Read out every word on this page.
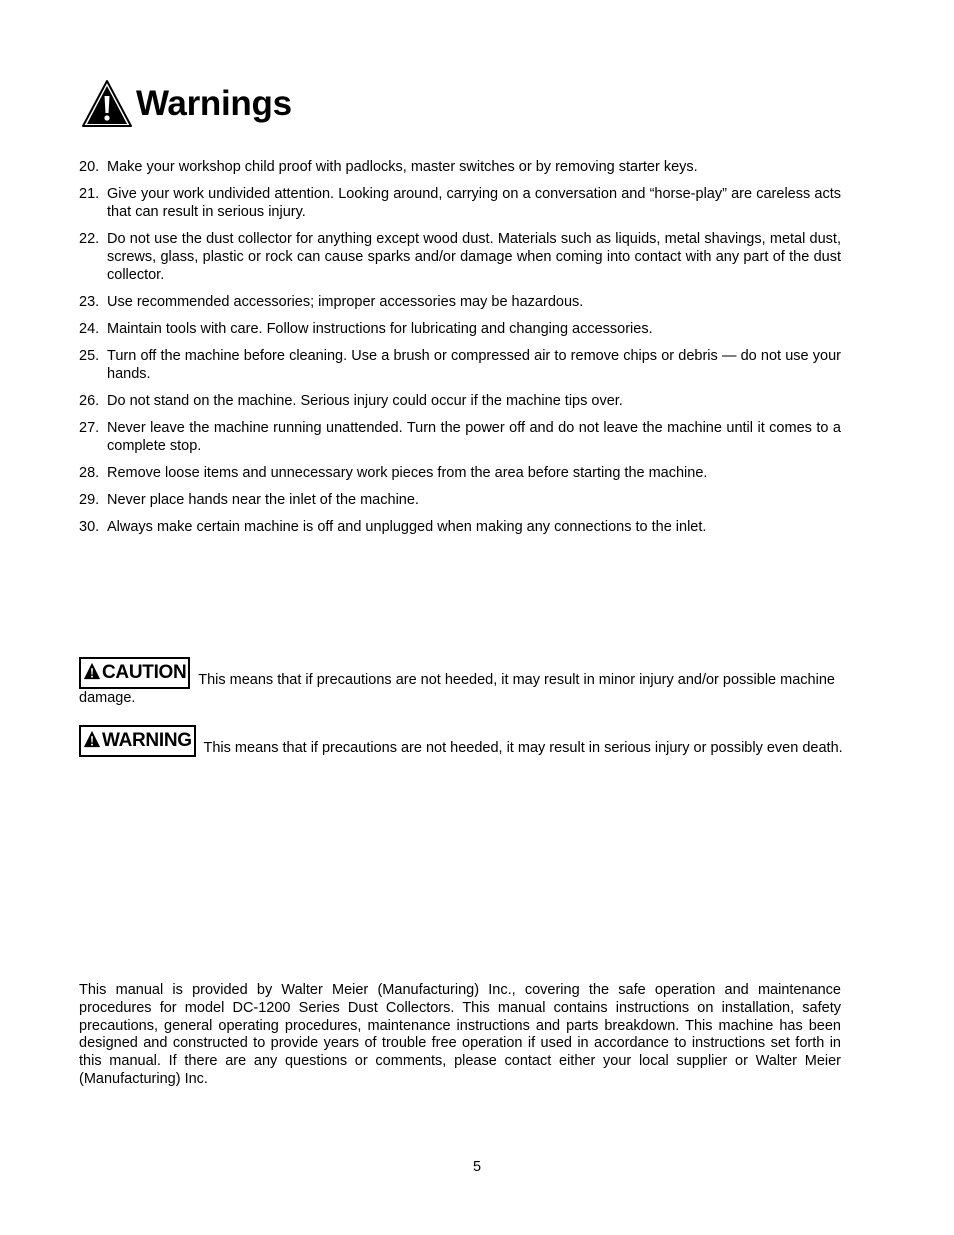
Warnings
20. Make your workshop child proof with padlocks, master switches or by removing starter keys.
21. Give your work undivided attention. Looking around, carrying on a conversation and “horse-play” are careless acts that can result in serious injury.
22. Do not use the dust collector for anything except wood dust. Materials such as liquids, metal shavings, metal dust, screws, glass, plastic or rock can cause sparks and/or damage when coming into contact with any part of the dust collector.
23. Use recommended accessories; improper accessories may be hazardous.
24. Maintain tools with care. Follow instructions for lubricating and changing accessories.
25. Turn off the machine before cleaning. Use a brush or compressed air to remove chips or debris — do not use your hands.
26. Do not stand on the machine. Serious injury could occur if the machine tips over.
27. Never leave the machine running unattended. Turn the power off and do not leave the machine until it comes to a complete stop.
28. Remove loose items and unnecessary work pieces from the area before starting the machine.
29. Never place hands near the inlet of the machine.
30. Always make certain machine is off and unplugged when making any connections to the inlet.
CAUTION This means that if precautions are not heeded, it may result in minor injury and/or possible machine damage.
WARNING This means that if precautions are not heeded, it may result in serious injury or possibly even death.

This manual is provided by Walter Meier (Manufacturing) Inc., covering the safe operation and maintenance procedures for model DC-1200 Series Dust Collectors. This manual contains instructions on installation, safety precautions, general operating procedures, maintenance instructions and parts breakdown. This machine has been designed and constructed to provide years of trouble free operation if used in accordance to instructions set forth in this manual. If there are any questions or comments, please contact either your local supplier or Walter Meier (Manufacturing) Inc.

5
